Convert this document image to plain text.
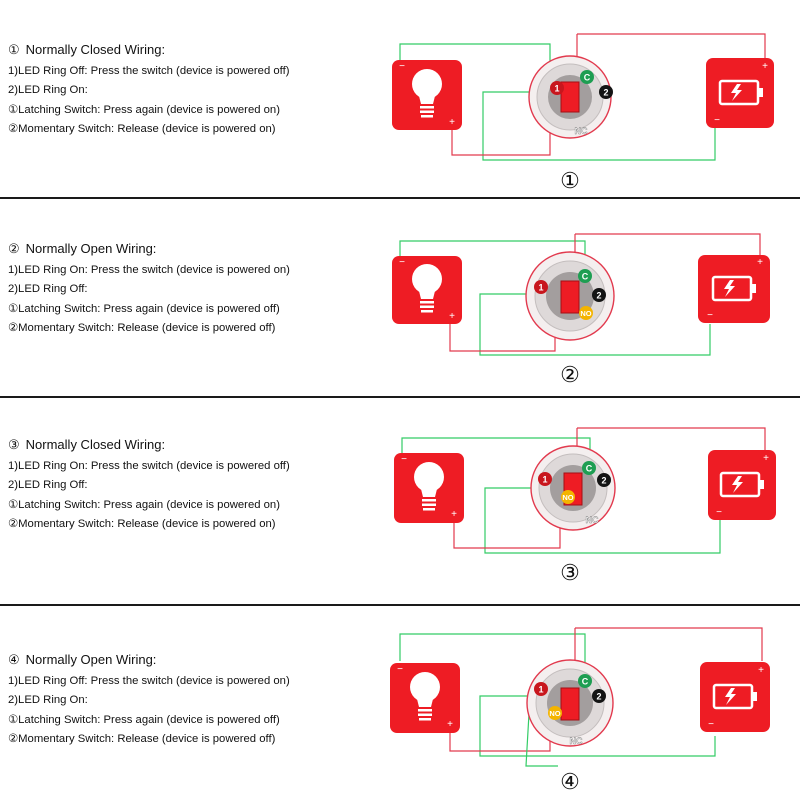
① Normally Closed Wiring:
1)LED Ring Off: Press the switch (device is powered off)
2)LED Ring On:
①Latching Switch: Press again (device is powered on)
②Momentary Switch: Release (device is powered on)
−
+
C
1	2
NC
+
−
①
② Normally Open Wiring:
1)LED Ring On: Press the switch (device is powered on)
2)LED Ring Off:
①Latching Switch: Press again (device is powered off)
②Momentary Switch: Release (device is powered off)
−
+
C
1
2
NO
+
−
②
③ Normally Closed Wiring:
1)LED Ring On: Press the switch (device is powered off)
2)LED Ring Off:
①Latching Switch: Press again (device is powered on)
②Momentary Switch: Release (device is powered on)
−
+
C
1	2
NO
NC
+
−
③
④ Normally Open Wiring:
1)LED Ring Off: Press the switch (device is powered on)
2)LED Ring On:
①Latching Switch: Press again (device is powered off)
②Momentary Switch: Release (device is powered off)
−
+
C
1
2
NO
NC
+
−
④
